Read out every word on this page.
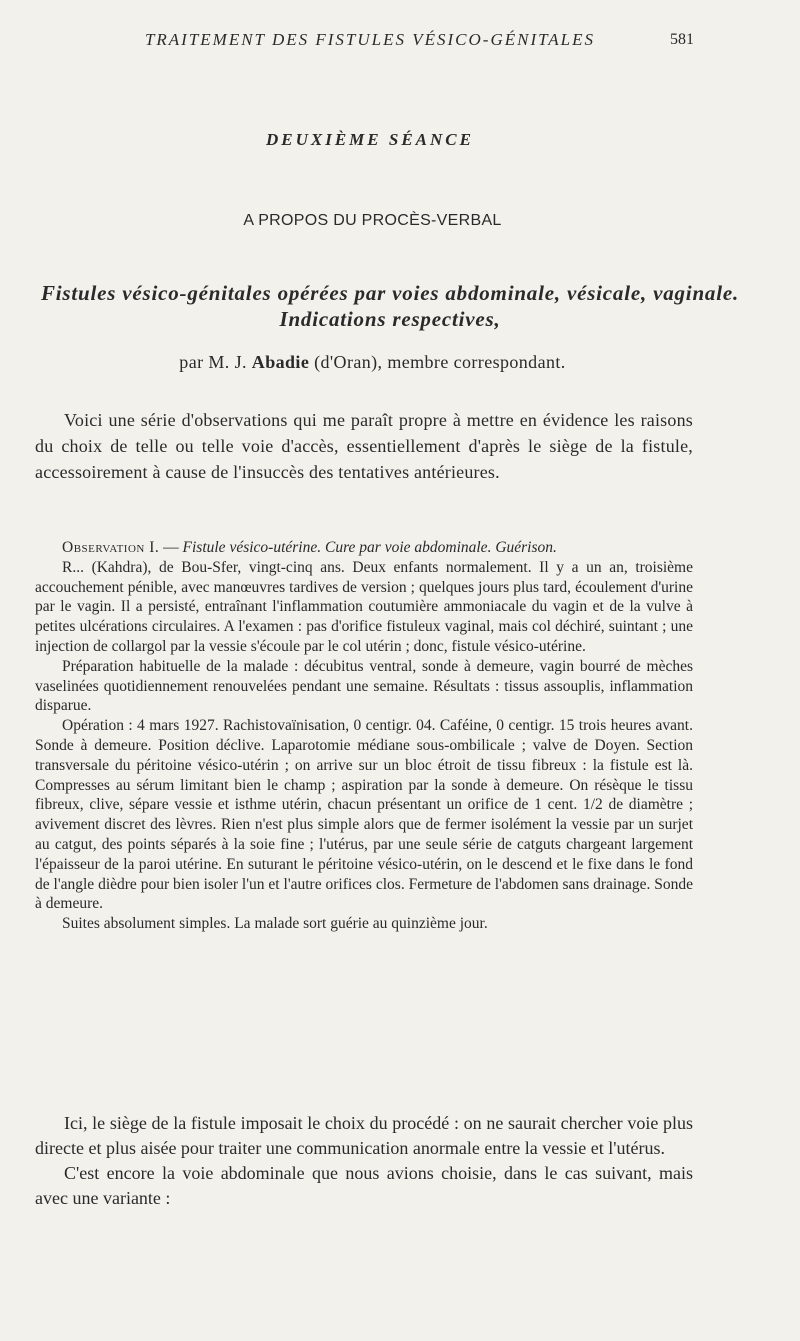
TRAITEMENT DES FISTULES VÉSICO-GÉNITALES	581
DEUXIÈME SÉANCE
A PROPOS DU PROCÈS-VERBAL
Fistules vésico-génitales opérées par voies abdominale, vésicale, vaginale. Indications respectives,
par M. J. Abadie (d'Oran), membre correspondant.

Voici une série d'observations qui me paraît propre à mettre en évidence les raisons du choix de telle ou telle voie d'accès, essentiellement d'après le siège de la fistule, accessoirement à cause de l'insuccès des tentatives antérieures.

Observation I. — Fistule vésico-utérine. Cure par voie abdominale. Guérison.

R... (Kahdra), de Bou-Sfer, vingt-cinq ans. Deux enfants normalement. Il y a un an, troisième accouchement pénible, avec manœuvres tardives de version ; quelques jours plus tard, écoulement d'urine par le vagin. Il a persisté, entraînant l'inflammation coutumière ammoniacale du vagin et de la vulve à petites ulcérations circulaires. A l'examen : pas d'orifice fistuleux vaginal, mais col déchiré, suintant ; une injection de collargol par la vessie s'écoule par le col utérin ; donc, fistule vésico-utérine.

Préparation habituelle de la malade : décubitus ventral, sonde à demeure, vagin bourré de mèches vaselinées quotidiennement renouvelées pendant une semaine. Résultats : tissus assouplis, inflammation disparue.

Opération : 4 mars 1927. Rachistovaïnisation, 0 centigr. 04. Caféine, 0 centigr. 15 trois heures avant. Sonde à demeure. Position déclive. Laparotomie médiane sous-ombilicale ; valve de Doyen. Section transversale du péritoine vésico-utérin ; on arrive sur un bloc étroit de tissu fibreux : la fistule est là. Compresses au sérum limitant bien le champ ; aspiration par la sonde à demeure. On résèque le tissu fibreux, clive, sépare vessie et isthme utérin, chacun présentant un orifice de 1 cent. 1/2 de diamètre ; avivement discret des lèvres. Rien n'est plus simple alors que de fermer isolément la vessie par un surjet au catgut, des points séparés à la soie fine ; l'utérus, par une seule série de catguts chargeant largement l'épaisseur de la paroi utérine. En suturant le péritoine vésico-utérin, on le descend et le fixe dans le fond de l'angle dièdre pour bien isoler l'un et l'autre orifices clos. Fermeture de l'abdomen sans drainage. Sonde à demeure.

Suites absolument simples. La malade sort guérie au quinzième jour.

Ici, le siège de la fistule imposait le choix du procédé : on ne saurait chercher voie plus directe et plus aisée pour traiter une communication anormale entre la vessie et l'utérus.

C'est encore la voie abdominale que nous avions choisie, dans le cas suivant, mais avec une variante :
